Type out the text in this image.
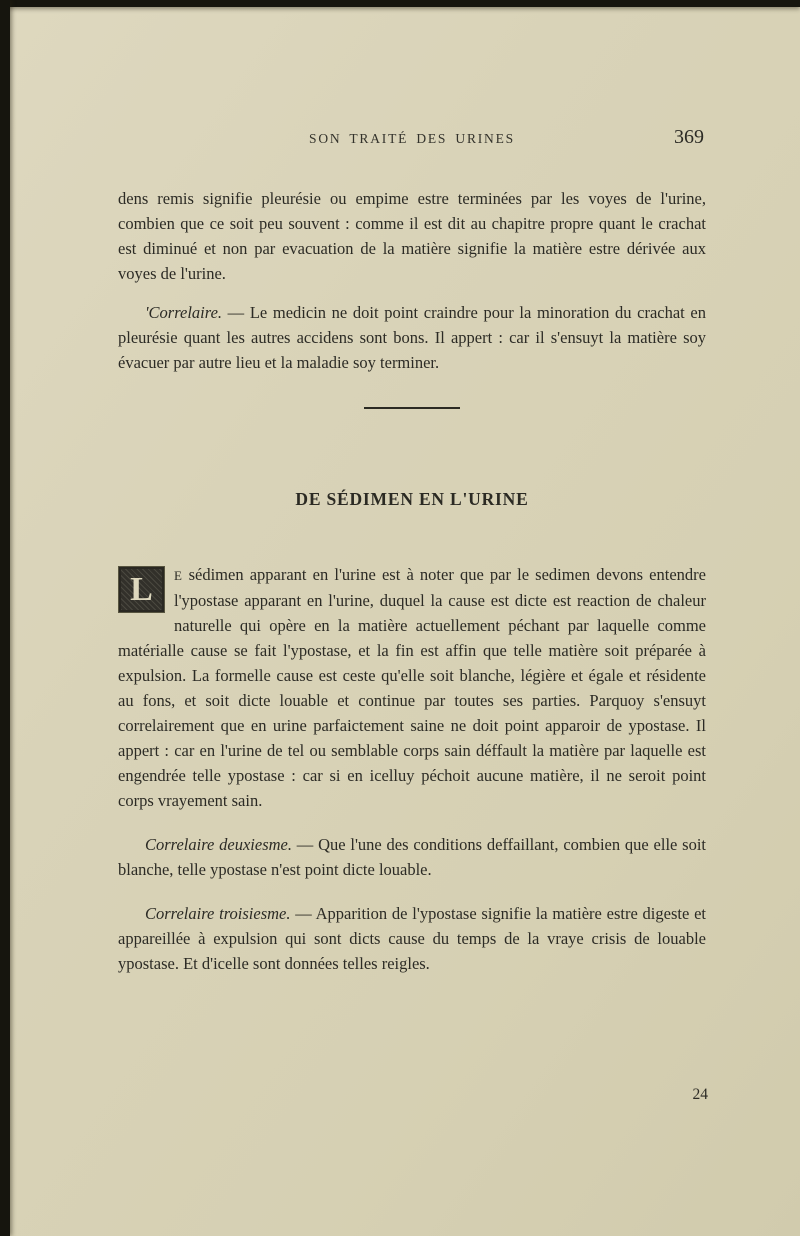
SON TRAITÉ DES URINES	369

dens remis signifie pleurésie ou empime estre terminées par les voyes de l'urine, combien que ce soit peu souvent : comme il est dit au chapitre propre quant le crachat est diminué et non par evacuation de la matière signifie la matière estre dérivée aux voyes de l'urine.

'Correlaire. — Le medicin ne doit point craindre pour la minoration du crachat en pleurésie quant les autres accidens sont bons. Il appert : car il s'ensuyt la matière soy évacuer par autre lieu et la maladie soy terminer.

DE SÉDIMEN EN L'URINE

L	E sédimen apparant en l'urine est à noter que par le sedimen devons entendre l'ypostase apparant en l'urine, duquel la cause est dicte est reaction de chaleur naturelle qui opère en la matière actuellement péchant par laquelle comme matérialle cause se fait l'ypostase, et la fin est affin que telle matière soit préparée à expulsion. La formelle cause est ceste qu'elle soit blanche, légière et égale et résidente au fons, et soit dicte louable et continue par toutes ses parties. Parquoy s'ensuyt correlairement que en urine parfaictement saine ne doit point apparoir de ypostase. Il appert : car en l'urine de tel ou semblable corps sain déffault la matière par laquelle est engendrée telle ypostase : car si en icelluy péchoit aucune matière, il ne seroit point corps vrayement sain.

Correlaire deuxiesme. — Que l'une des conditions deffaillant, combien que elle soit blanche, telle ypostase n'est point dicte louable.

Correlaire troisiesme. — Apparition de l'ypostase signifie la matière estre digeste et appareillée à expulsion qui sont dicts cause du temps de la vraye crisis de louable ypostase. Et d'icelle sont données telles reigles.

24
